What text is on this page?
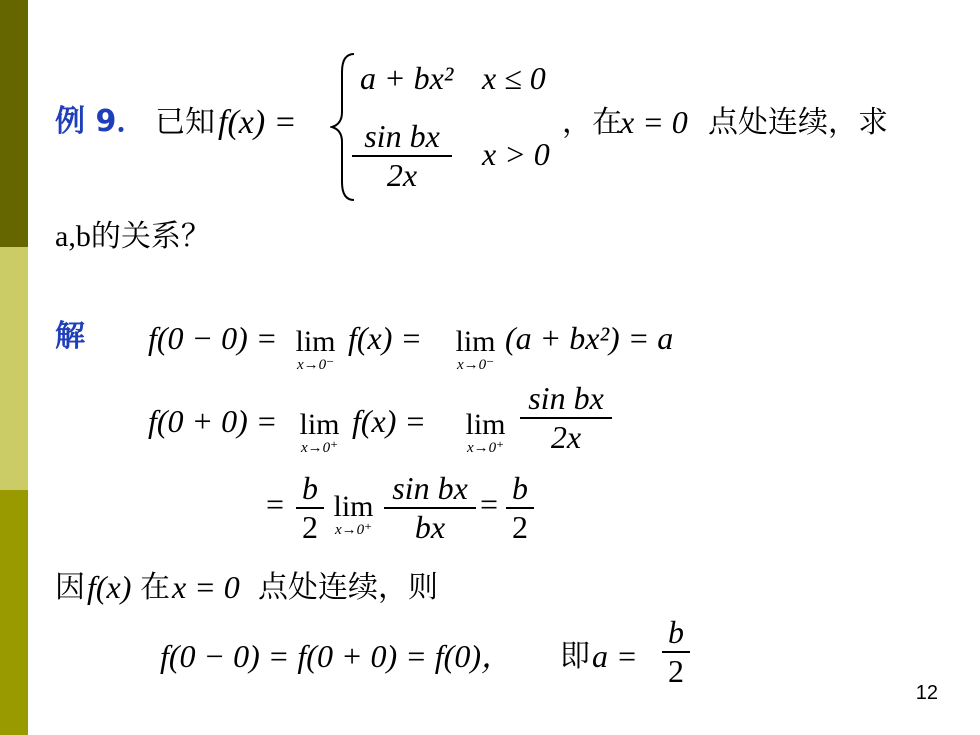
例 9． 已知 f(x) =
a + bx² x ≤ 0
$\frac{\text{sin bx}}{2x}$ x > 0
，在
x = 0 点处连续，求
a,b的关系？
解 f(0 − 0) = lim
x→0⁻
f(x) = lim
x→0⁻
(a + bx²) = a
f(0 + 0) = lim
x→0⁺
f(x) = lim
$x\to 0^+ \frac{\text{sin bx}}{2x}$
= $\frac{b}{2}$ lim
$x\to 0^+ \frac{\text{sin bx}}{bx} = \frac{b}{2}$
因 f(x) 在 x = 0 点处连续，则
f(0 − 0) = f(0 + 0) = f(0)， 即 $a = \frac{b}{2}$
12
